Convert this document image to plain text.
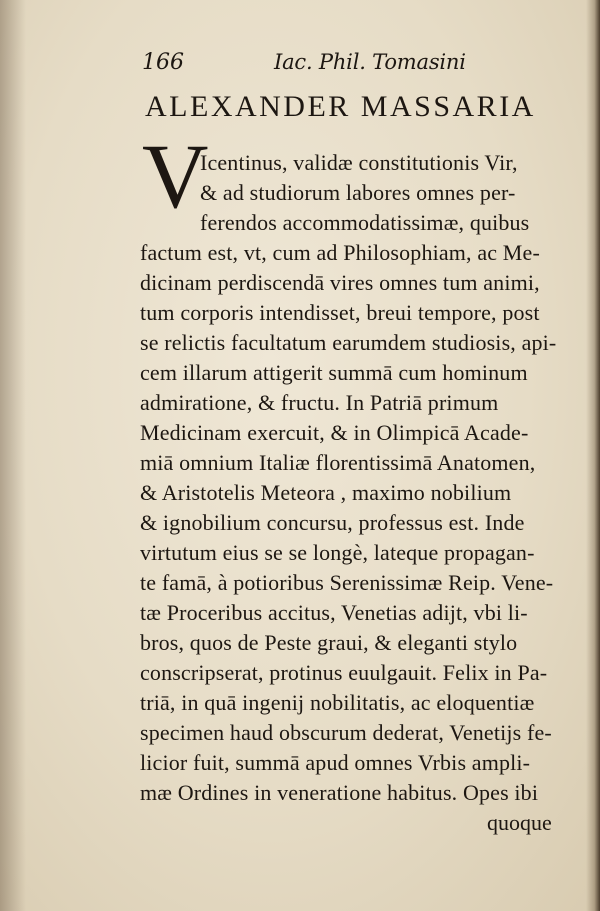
166	Iac. Phil. Tomasini
ALEXANDER MASSARIA
V
Icentinus, validæ constitutionis Vir,
& ad studiorum labores omnes per-
ferendos accommodatissimæ, quibus
factum est, vt, cum ad Philosophiam, ac Me-
dicinam perdiscendā vires omnes tum animi,
tum corporis intendisset, breui tempore, post
se relictis facultatum earumdem studiosis, api-
cem illarum attigerit summā cum hominum
admiratione, & fructu. In Patriā primum
Medicinam exercuit, & in Olimpicā Acade-
miā omnium Italiæ florentissimā Anatomen,
& Aristotelis Meteora , maximo nobilium
& ignobilium concursu, professus est. Inde
virtutum eius se se longè, lateque propagan-
te famā, à potioribus Serenissimæ Reip. Vene-
tæ Proceribus accitus, Venetias adijt, vbi li-
bros, quos de Peste graui, & eleganti stylo
conscripserat, protinus euulgauit. Felix in Pa-
triā, in quā ingenij nobilitatis, ac eloquentiæ
specimen haud obscurum dederat, Venetijs fe-
licior fuit, summā apud omnes Vrbis ampli-
mæ Ordines in veneratione habitus. Opes ibi
quoque
